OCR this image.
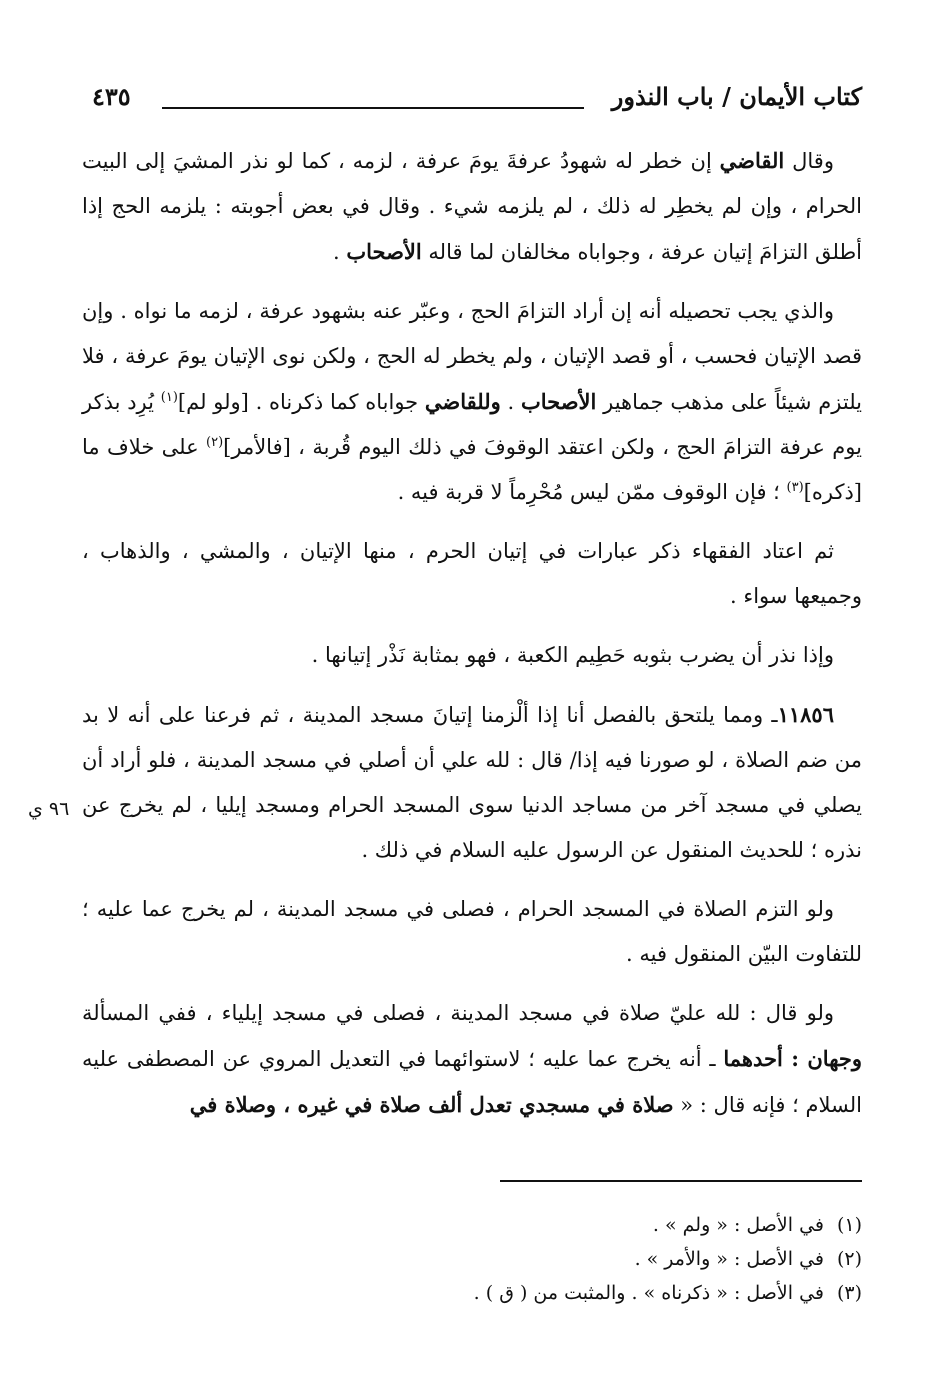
كتاب الأيمان / باب النذور
٤٣٥
٩٦ ي

وقال القاضي إن خطر له شهودُ عرفةَ يومَ عرفة ، لزمه ، كما لو نذر المشيَ إلى البيت الحرام ، وإن لم يخطِر له ذلك ، لم يلزمه شيء . وقال في بعض أجوبته : يلزمه الحج إذا أطلق التزامَ إتيان عرفة ، وجواباه مخالفان لما قاله الأصحاب .

والذي يجب تحصيله أنه إن أراد التزامَ الحج ، وعبّر عنه بشهود عرفة ، لزمه ما نواه . وإن قصد الإتيان فحسب ، أو قصد الإتيان ، ولم يخطر له الحج ، ولكن نوى الإتيان يومَ عرفة ، فلا يلتزم شيئاً على مذهب جماهير الأصحاب . وللقاضي جواباه كما ذكرناه . [ولو لم]$^{(١)}$ يُرِد بذكر يوم عرفة التزامَ الحج ، ولكن اعتقد الوقوفَ في ذلك اليوم قُربة ، [فالأمر]$^{(٢)}$ على خلاف ما [ذكره]$^{(٣)}$ ؛ فإن الوقوف ممّن ليس مُحْرِماً لا قربة فيه .

ثم اعتاد الفقهاء ذكر عبارات في إتيان الحرم ، منها الإتيان ، والمشي ، والذهاب ، وجميعها سواء .

وإذا نذر أن يضرب بثوبه حَطِيم الكعبة ، فهو بمثابة نَذْر إتيانها .

١١٨٥٦ـ ومما يلتحق بالفصل أنا إذا ألْزمنا إتيانَ مسجد المدينة ، ثم فرعنا على أنه لا بد من ضم الصلاة ، لو صورنا فيه إذا/ قال : لله علي أن أصلي في مسجد المدينة ، فلو أراد أن يصلي في مسجد آخر من مساجد الدنيا سوى المسجد الحرام ومسجد إيليا ، لم يخرج عن نذره ؛ للحديث المنقول عن الرسول عليه السلام في ذلك .

ولو التزم الصلاة في المسجد الحرام ، فصلى في مسجد المدينة ، لم يخرج عما عليه ؛ للتفاوت البيّن المنقول فيه .

ولو قال : لله عليّ صلاة في مسجد المدينة ، فصلى في مسجد إيلياء ، ففي المسألة وجهان : أحدهما ـ أنه يخرج عما عليه ؛ لاستوائهما في التعديل المروي عن المصطفى عليه السلام ؛ فإنه قال : « صلاة في مسجدي تعدل ألف صلاة في غيره ، وصلاة في

(١)في الأصل : « ولم » .
(٢)في الأصل : « والأمر » .
(٣)في الأصل : « ذكرناه » . والمثبت من ( ق ) .
